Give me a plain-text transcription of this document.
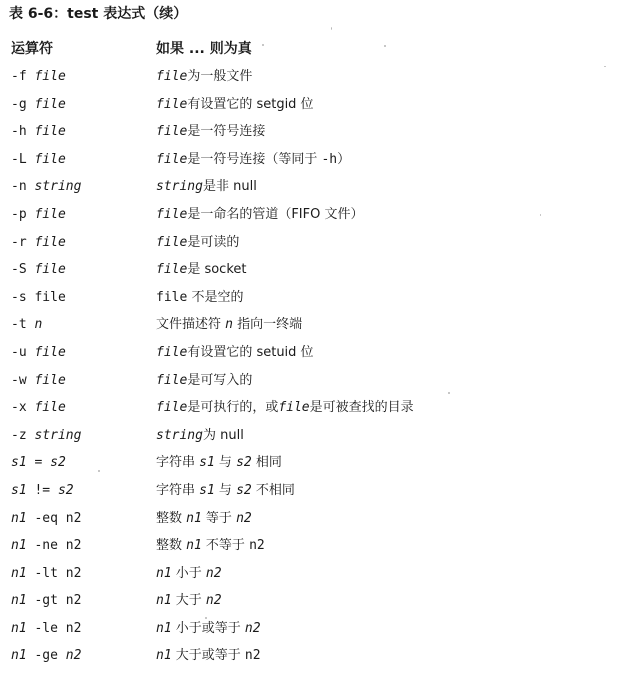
表 6-6：test 表达式（续）
运算符	如果 ... 则为真
-f file	file为一般文件
-g file	file有设置它的 setgid 位
-h file	file是一符号连接
-L file	file是一符号连接（等同于 -h）
-n string	string是非 null
-p file	file是一命名的管道（FIFO 文件）
-r file	file是可读的
-S file	file是 socket
-s file	file 不是空的
-t n	文件描述符 n 指向一终端
-u file	file有设置它的 setuid 位
-w file	file是可写入的
-x file	file是可执行的，或file是可被查找的目录
-z string	string为 null
s1 = s2	字符串 s1 与 s2 相同
s1 != s2	字符串 s1 与 s2 不相同
n1 -eq n2	整数 n1 等于 n2
n1 -ne n2	整数 n1 不等于 n2
n1 -lt n2	n1 小于 n2
n1 -gt n2	n1 大于 n2
n1 -le n2	n1 小于或等于 n2
n1 -ge n2	n1 大于或等于 n2
